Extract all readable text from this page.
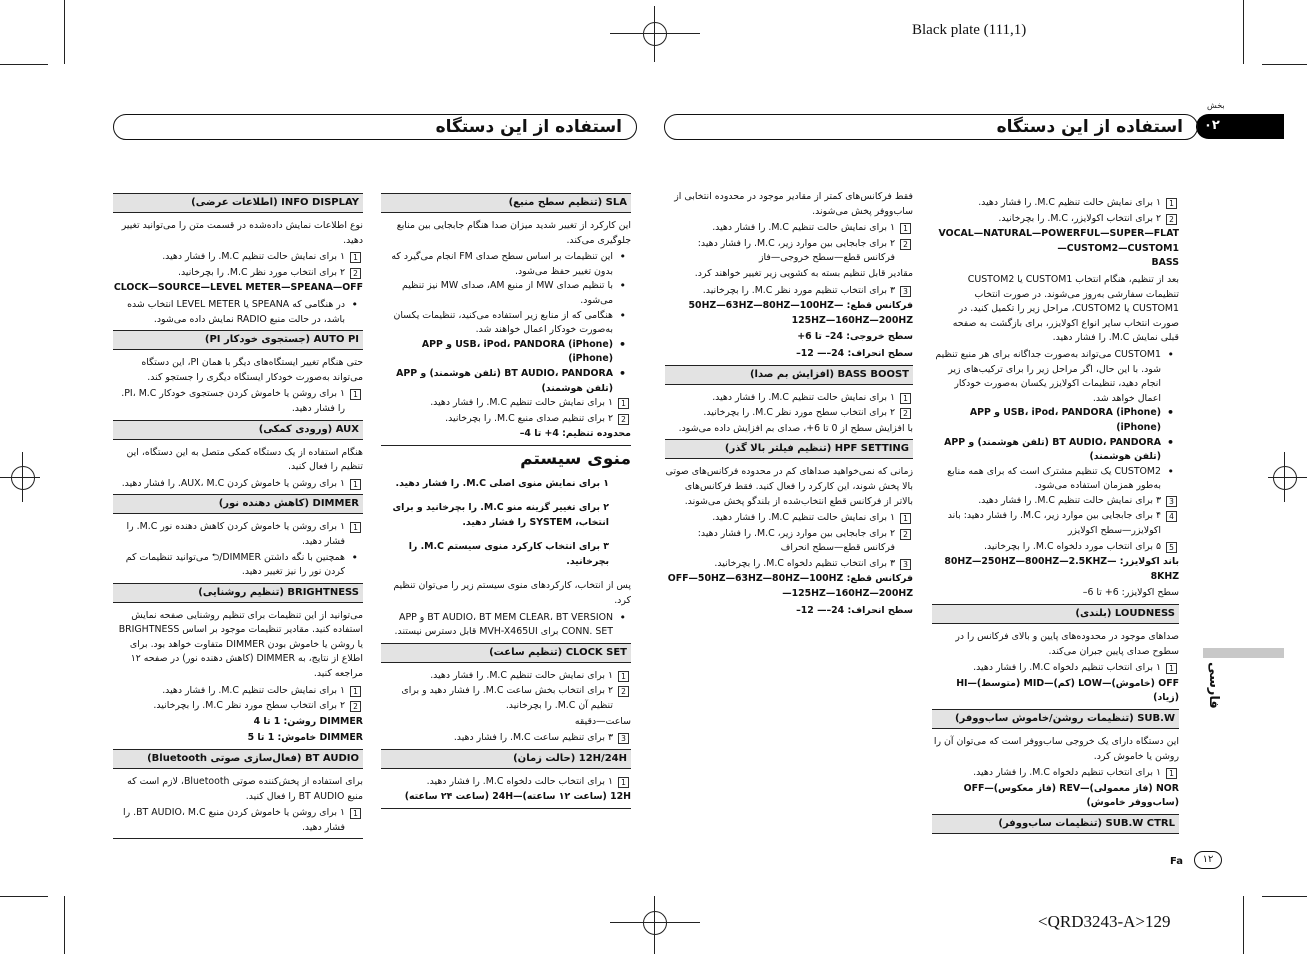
Black plate (111,1)
بخش
۰۲
فارسی
استفاده از این دستگاه	استفاده از این دستگاه
<QRD3243-A>129
Fa	۱۲
1
۱ برای نمایش حالت تنظیم M.C. را فشار دهید.
2
۲ برای انتخاب اکولایزر، M.C. را بچرخانید.

VOCAL—NATURAL—POWERFUL—SUPER—FLAT—CUSTOM2—CUSTOM1
BASS

بعد از تنظیم، هنگام انتخاب CUSTOM1 یا CUSTOM2 تنظیمات سفارشی به‌روز می‌شوند. در صورت انتخاب CUSTOM1 یا CUSTOM2، مراحل زیر را تکمیل کنید. در صورت انتخاب سایر انواع اکولایزر، برای بازگشت به صفحه قبلی نمایش M.C. را فشار دهید.

• CUSTOM1 می‌تواند به‌صورت جداگانه برای هر منبع تنظیم شود. با این حال، اگر مراحل زیر را برای ترکیب‌های زیر انجام دهید، تنظیمات اکولایزر یکسان به‌صورت خودکار اعمال خواهد شد.
• USB، iPod، PANDORA (iPhone) و APP (iPhone)
• BT AUDIO، PANDORA (تلفن هوشمند) و APP (تلفن هوشمند)
• CUSTOM2 یک تنظیم مشترک است که برای همه منابع به‌طور همزمان استفاده می‌شود.
3
۳ برای نمایش حالت تنظیم M.C. را فشار دهید.
4
۴ برای جابجایی بین موارد زیر، M.C. را فشار دهید: باند اکولایزر—سطح اکولایزر
5
۵ برای انتخاب مورد دلخواه M.C. را بچرخانید.

باند اکولایزر: 80HZ—250HZ—800HZ—2.5KHZ—8KHZ

سطح اکولایزر: ‎+6‎ تا ‎–6‎

LOUDNESS (بلندی)

صداهای موجود در محدوده‌های پایین و بالای فرکانس را در سطوح صدای پایین جبران می‌کند.

1
۱ برای انتخاب تنظیم دلخواه M.C. را فشار دهید.

OFF (خاموش)—LOW (کم)—MID (متوسط)—HI (زیاد)

SUB.W (تنظیمات روشن/خاموش ساب‌ووفر)

این دستگاه دارای یک خروجی ساب‌ووفر است که می‌توان آن را روشن یا خاموش کرد.

1
۱ برای انتخاب تنظیم دلخواه M.C. را فشار دهید.

NOR (فاز معمولی)—REV (فاز معکوس)—OFF (ساب‌ووفر خاموش)

SUB.W CTRL (تنظیمات ساب‌ووفر)

فقط فرکانس‌های کمتر از مقادیر موجود در محدوده انتخابی از ساب‌ووفر پخش می‌شوند.

1
۱ برای نمایش حالت تنظیم M.C. را فشار دهید.
2
۲ برای جابجایی بین موارد زیر، M.C. را فشار دهید: فرکانس قطع—سطح خروجی—فاز

مقادیر قابل تنظیم بسته به کشویی زیر تغییر خواهند کرد.

3
۳ برای انتخاب تنظیم مورد نظر M.C. را بچرخانید.

فرکانس قطع: 50HZ—63HZ—80HZ—100HZ—125HZ—160HZ—200HZ

سطح خروجی: ‎–24‎ تا ‎+6‎

سطح انحراف: ‎–12‎ —‎–24‎

BASS BOOST (افزایش بم صدا)
1
۱ برای نمایش حالت تنظیم M.C. را فشار دهید.
2
۲ برای انتخاب سطح مورد نظر M.C. را بچرخانید.

با افزایش سطح از ‎0‎ تا ‎+6‎، صدای بم افزایش داده می‌شود.

HPF SETTING (تنظیم فیلتر بالا گذر)

زمانی که نمی‌خواهید صداهای کم در محدوده فرکانس‌های صوتی بالا پخش شوند، این کارکرد را فعال کنید. فقط فرکانس‌های بالاتر از فرکانس قطع انتخاب‌شده از بلندگو پخش می‌شوند.

1
۱ برای نمایش حالت تنظیم M.C. را فشار دهید.
2
۲ برای جابجایی بین موارد زیر، M.C. را فشار دهید: فرکانس قطع—سطح انحراف
3
۳ برای انتخاب تنظیم دلخواه M.C. را بچرخانید.

فرکانس قطع: OFF—50HZ—63HZ—80HZ—100HZ—125HZ—160HZ—200HZ

سطح انحراف: ‎–12‎ —‎–24‎

SLA (تنظیم سطح منبع)

این کارکرد از تغییر شدید میزان صدا هنگام جابجایی بین منابع جلوگیری می‌کند.

• این تنظیمات بر اساس سطح صدای FM انجام می‌گیرد که بدون تغییر حفظ می‌شود.
• با تنظیم صدای MW از منبع AM، صدای MW نیز تنظیم می‌شود.
• هنگامی که از منابع زیر استفاده می‌کنید، تنظیمات یکسان به‌صورت خودکار اعمال خواهند شد.
• USB، iPod، PANDORA (iPhone) و APP (iPhone)
• BT AUDIO، PANDORA (تلفن هوشمند) و APP (تلفن هوشمند)
1
۱ برای نمایش حالت تنظیم M.C. را فشار دهید.
2
۲ برای تنظیم صدای منبع M.C. را بچرخانید.

محدوده تنظیم: ‎+4‎ تا ‎–4‎

منوی سیستم
۱ برای نمایش منوی اصلی M.C. را فشار دهید.
۲ برای تغییر گزینه منو M.C. را بچرخانید و برای انتخاب، SYSTEM را فشار دهید.
۳ برای انتخاب کارکرد منوی سیستم M.C. را بچرخانید.

پس از انتخاب، کارکردهای منوی سیستم زیر را می‌توان تنظیم کرد.

• BT AUDIO، BT MEM CLEAR، BT VERSION و APP CONN. SET برای MVH-X465UI قابل دسترس نیستند.
CLOCK SET (تنظیم ساعت)
1
۱ برای نمایش حالت تنظیم M.C. را فشار دهید.
2
۲ برای انتخاب بخش ساعت M.C. را فشار دهید و برای تنظیم آن M.C. را بچرخانید.

ساعت—دقیقه

3
۳ برای تنظیم ساعت M.C. را فشار دهید.
12H/24H (حالت زمان)
1
۱ برای انتخاب حالت دلخواه M.C. را فشار دهید.

12H (ساعت ۱۲ ساعته)—24H (ساعت ۲۴ ساعته)

INFO DISPLAY (اطلاعات عرضی)

نوع اطلاعات نمایش داده‌شده در قسمت متن را می‌توانید تغییر دهید.

1
۱ برای نمایش حالت تنظیم M.C. را فشار دهید.
2
۲ برای انتخاب مورد نظر M.C. را بچرخانید.

CLOCK—SOURCE—LEVEL METER—SPEANA—OFF

• در هنگامی که SPEANA یا LEVEL METER انتخاب شده باشد، در حالت منبع RADIO نمایش داده می‌شود.
AUTO PI (جستجوی خودکار PI)

حتی هنگام تغییر ایستگاه‌های دیگر با همان PI، این دستگاه می‌تواند به‌صورت خودکار ایستگاه دیگری را جستجو کند.

1
۱ برای روشن یا خاموش کردن جستجوی خودکار PI، M.C. را فشار دهید.
AUX (ورودی کمکی)

هنگام استفاده از یک دستگاه کمکی متصل به این دستگاه، این تنظیم را فعال کنید.

1
۱ برای روشن یا خاموش کردن AUX، M.C. را فشار دهید.
DIMMER (کاهش دهنده نور)
1
۱ برای روشن یا خاموش کردن کاهش دهنده نور M.C. را فشار دهید.
• همچنین با نگه داشتن DIMMER/⮌ می‌توانید تنظیمات کم کردن نور را نیز تغییر دهید.
BRIGHTNESS (تنظیم روشنایی)

می‌توانید از این تنظیمات برای تنظیم روشنایی صفحه نمایش استفاده کنید. مقادیر تنظیمات موجود بر اساس BRIGHTNESS یا روشن یا خاموش بودن DIMMER متفاوت خواهد بود. برای اطلاع از نتایج، به DIMMER (کاهش دهنده نور) در صفحه ۱۲ مراجعه کنید.

1
۱ برای نمایش حالت تنظیم M.C. را فشار دهید.
2
۲ برای انتخاب سطح مورد نظر M.C. را بچرخانید.

DIMMER روشن: 1 تا 4

DIMMER خاموش: 1 تا 5

BT AUDIO (فعال‌سازی صوتی Bluetooth)

برای استفاده از پخش‌کننده صوتی Bluetooth، لازم است که منبع BT AUDIO را فعال کنید.

1
۱ برای روشن یا خاموش کردن منبع BT AUDIO، M.C. را فشار دهید.
